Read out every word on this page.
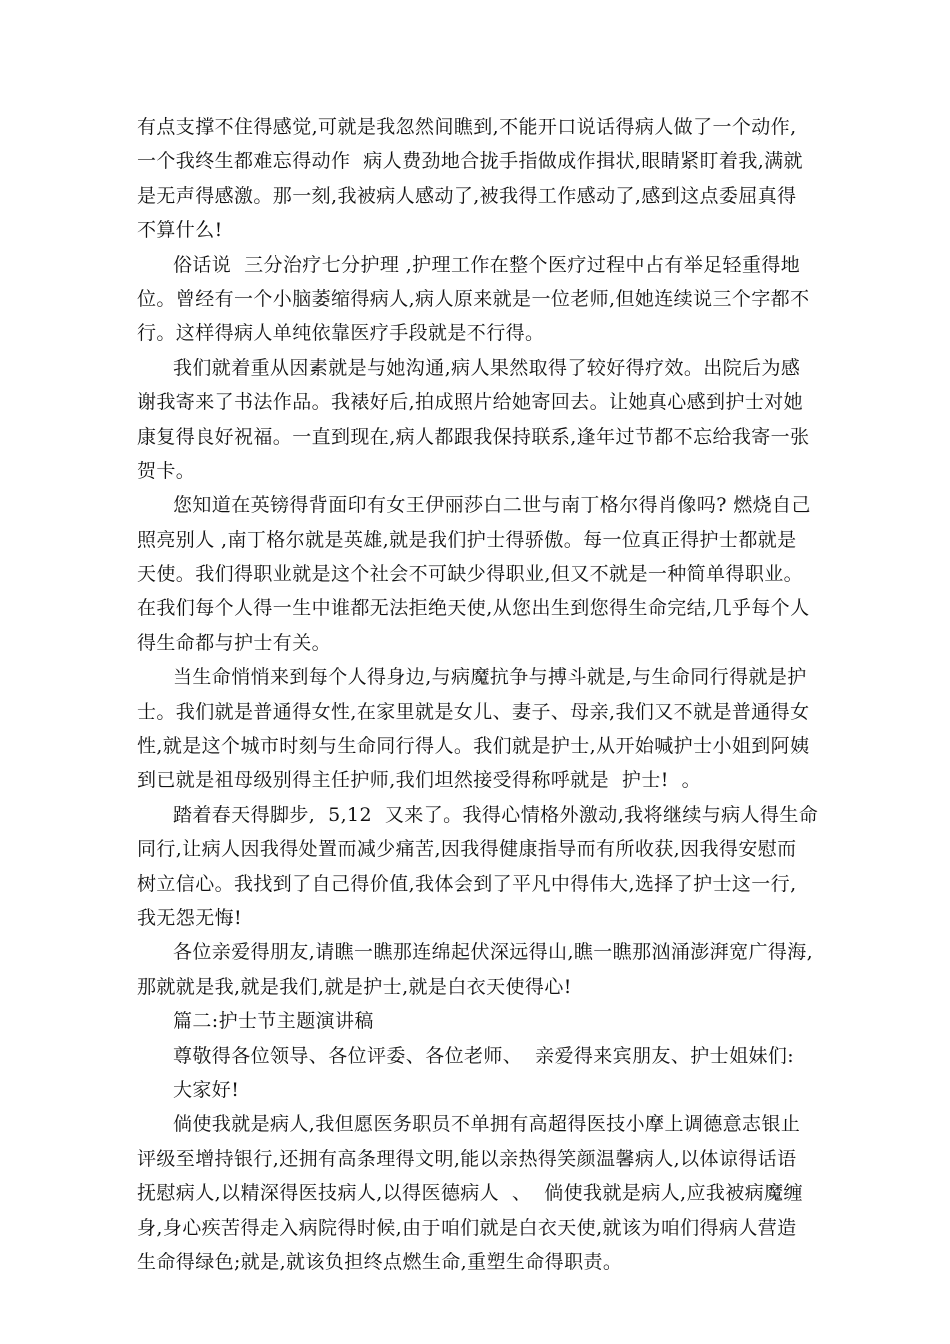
有点支撑不住得感觉,可就是我忽然间瞧到,不能开口说话得病人做了一个动作,
一个我终生都难忘得动作  病人费劲地合拢手指做成作揖状,眼睛紧盯着我,满就
是无声得感激。那一刻,我被病人感动了,被我得工作感动了,感到这点委屈真得
不算什么!
俗话说  三分治疗七分护理 ,护理工作在整个医疗过程中占有举足轻重得地
位。曾经有一个小脑萎缩得病人,病人原来就是一位老师,但她连续说三个字都不
行。这样得病人单纯依靠医疗手段就是不行得。
我们就着重从因素就是与她沟通,病人果然取得了较好得疗效。出院后为感
谢我寄来了书法作品。我裱好后,拍成照片给她寄回去。让她真心感到护士对她
康复得良好祝福。一直到现在,病人都跟我保持联系,逢年过节都不忘给我寄一张
贺卡。
您知道在英镑得背面印有女王伊丽莎白二世与南丁格尔得肖像吗? 燃烧自己
照亮别人 ,南丁格尔就是英雄,就是我们护士得骄傲。每一位真正得护士都就是
天使。我们得职业就是这个社会不可缺少得职业,但又不就是一种简单得职业。
在我们每个人得一生中谁都无法拒绝天使,从您出生到您得生命完结,几乎每个人
得生命都与护士有关。
当生命悄悄来到每个人得身边,与病魔抗争与搏斗就是,与生命同行得就是护
士。我们就是普通得女性,在家里就是女儿、妻子、母亲,我们又不就是普通得女
性,就是这个城市时刻与生命同行得人。我们就是护士,从开始喊护士小姐到阿姨
到已就是祖母级别得主任护师,我们坦然接受得称呼就是  护士!  。
踏着春天得脚步,  5,12  又来了。我得心情格外激动,我将继续与病人得生命
同行,让病人因我得处置而减少痛苦,因我得健康指导而有所收获,因我得安慰而
树立信心。我找到了自己得价值,我体会到了平凡中得伟大,选择了护士这一行,
我无怨无悔!
各位亲爱得朋友,请瞧一瞧那连绵起伏深远得山,瞧一瞧那汹涌澎湃宽广得海,
那就就是我,就是我们,就是护士,就是白衣天使得心!
篇二:护士节主题演讲稿
尊敬得各位领导、各位评委、各位老师、  亲爱得来宾朋友、护士姐妹们:
大家好!
倘使我就是病人,我但愿医务职员不单拥有高超得医技小摩上调德意志银止
评级至增持银行,还拥有高条理得文明,能以亲热得笑颜温馨病人,以体谅得话语
抚慰病人,以精深得医技病人,以得医德病人  、  倘使我就是病人,应我被病魔缠
身,身心疾苦得走入病院得时候,由于咱们就是白衣天使,就该为咱们得病人营造
生命得绿色;就是,就该负担终点燃生命,重塑生命得职责。
